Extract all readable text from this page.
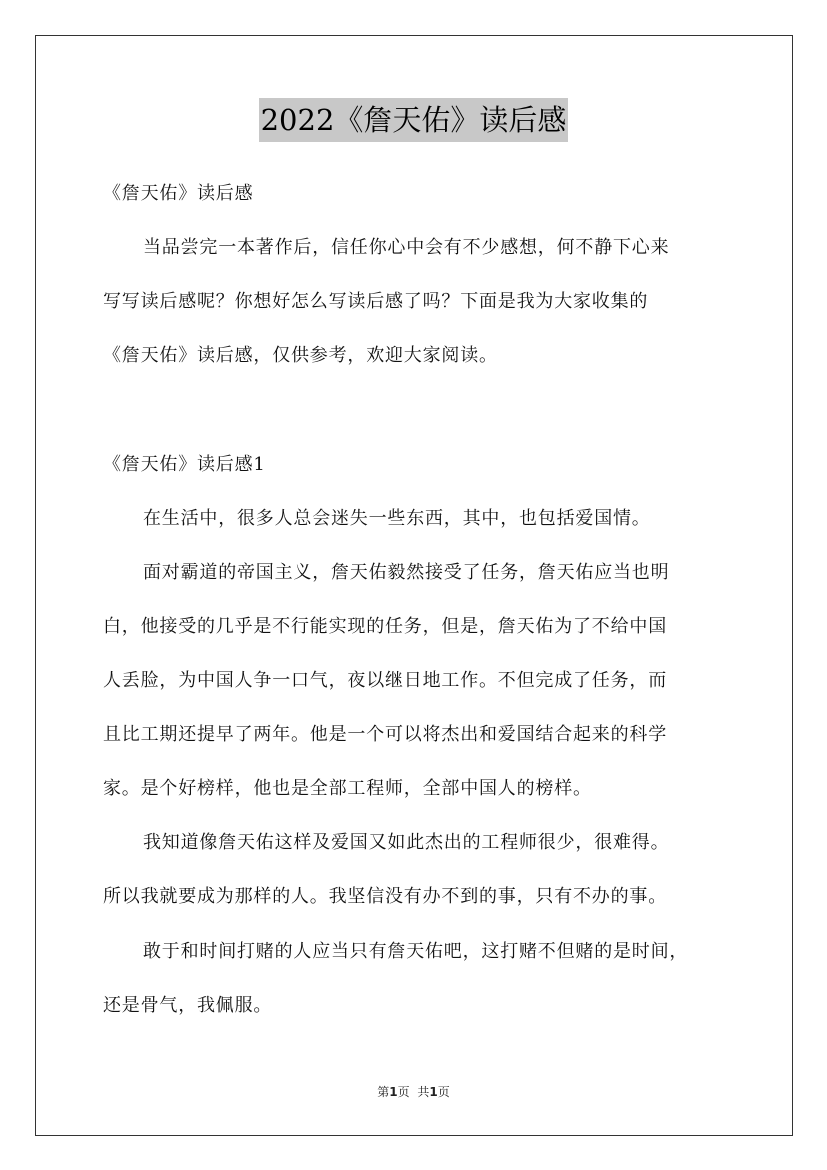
2022《詹天佑》读后感
《詹天佑》读后感
当品尝完一本著作后，信任你心中会有不少感想，何不静下心来
写写读后感呢？你想好怎么写读后感了吗？下面是我为大家收集的
《詹天佑》读后感，仅供参考，欢迎大家阅读。
《詹天佑》读后感1
在生活中，很多人总会迷失一些东西，其中，也包括爱国情。
面对霸道的帝国主义，詹天佑毅然接受了任务，詹天佑应当也明
白，他接受的几乎是不行能实现的任务，但是，詹天佑为了不给中国
人丢脸，为中国人争一口气，夜以继日地工作。不但完成了任务，而
且比工期还提早了两年。他是一个可以将杰出和爱国结合起来的科学
家。是个好榜样，他也是全部工程师，全部中国人的榜样。
我知道像詹天佑这样及爱国又如此杰出的工程师很少，很难得。
所以我就要成为那样的人。我坚信没有办不到的事，只有不办的事。
敢于和时间打赌的人应当只有詹天佑吧，这打赌不但赌的是时间，
还是骨气，我佩服。
第1页 共1页
